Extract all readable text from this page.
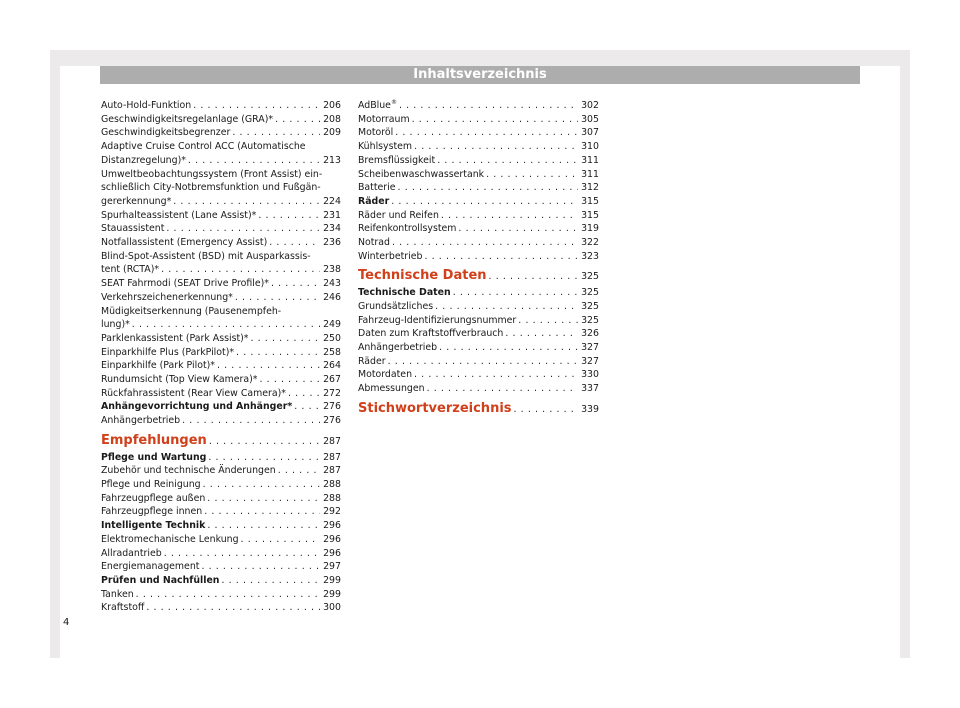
Inhaltsverzeichnis
Auto-Hold-Funktion . . .	206
Geschwindigkeitsregelanlage (GRA)* . . .	208
Geschwindigkeitsbegrenzer . . .	209
Adaptive Cruise Control ACC (Automatische
Distanzregelung)* . . .	213
Umweltbeobachtungssystem (Front Assist) ein-
schließlich City-Notbremsfunktion und Fußgän-
gererkennung* . . .	224
Spurhalteassistent (Lane Assist)* . . .	231
Stauassistent . . .	234
Notfallassistent (Emergency Assist) . . .	236
Blind-Spot-Assistent (BSD) mit Ausparkassis-
tent (RCTA)* . . .	238
SEAT Fahrmodi (SEAT Drive Profile)* . . .	243
Verkehrszeichenerkennung* . . .	246
Müdigkeitserkennung (Pausenempfeh-
lung)* . . .	249
Parklenkassistent (Park Assist)* . . .	250
Einparkhilfe Plus (ParkPilot)* . . .	258
Einparkhilfe (Park Pilot)* . . .	264
Rundumsicht (Top View Kamera)* . . .	267
Rückfahrassistent (Rear View Camera)* . . .	272
Anhängevorrichtung und Anhänger* . . .	276
Anhängerbetrieb . . .	276
Empfehlungen . . .	287
Pflege und Wartung . . .	287
Zubehör und technische Änderungen . . .	287
Pflege und Reinigung . . .	288
Fahrzeugpflege außen . . .	288
Fahrzeugpflege innen . . .	292
Intelligente Technik . . .	296
Elektromechanische Lenkung . . .	296
Allradantrieb . . .	296
Energiemanagement . . .	297
Prüfen und Nachfüllen . . .	299
Tanken . . .	299
Kraftstoff . . .	300
AdBlue® . . .	302
Motorraum . . .	305
Motoröl . . .	307
Kühlsystem . . .	310
Bremsflüssigkeit . . .	311
Scheibenwaschwassertank . . .	311
Batterie . . .	312
Räder . . .	315
Räder und Reifen . . .	315
Reifenkontrollsystem . . .	319
Notrad . . .	322
Winterbetrieb . . .	323
Technische Daten . . .	325
Technische Daten . . .	325
Grundsätzliches . . .	325
Fahrzeug-Identifizierungsnummer . . .	325
Daten zum Kraftstoffverbrauch . . .	326
Anhängerbetrieb . . .	327
Räder . . .	327
Motordaten . . .	330
Abmessungen . . .	337
Stichwortverzeichnis . . .	339
4
